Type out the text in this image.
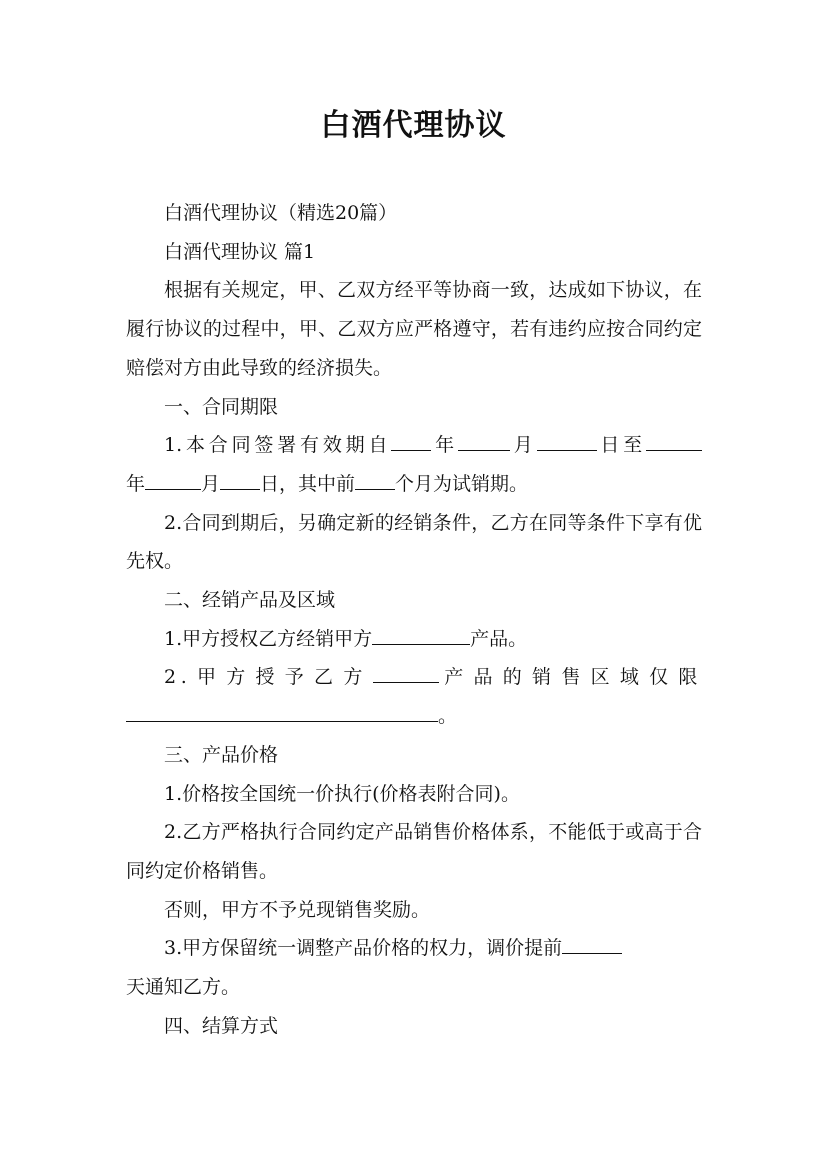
白酒代理协议

白酒代理协议（精选20篇）

白酒代理协议 篇1

根据有关规定，甲、乙双方经平等协商一致，达成如下协议，在履行协议的过程中，甲、乙双方应严格遵守，若有违约应按合同约定赔偿对方由此导致的经济损失。

一、合同期限

1.本合同签署有效期自 年	月	日至

年	月 日，其中前 个月为试销期。

2.合同到期后，另确定新的经销条件，乙方在同等条件下享有优先权。

二、经销产品及区域

1.甲方授权乙方经销甲方	产品。

2.甲方授予乙方	产品的销售区域仅限

。

三、产品价格

1.价格按全国统一价执行(价格表附合同)。

2.乙方严格执行合同约定产品销售价格体系，不能低于或高于合同约定价格销售。

否则，甲方不予兑现销售奖励。

3.甲方保留统一调整产品价格的权力，调价提前

天通知乙方。

四、结算方式
